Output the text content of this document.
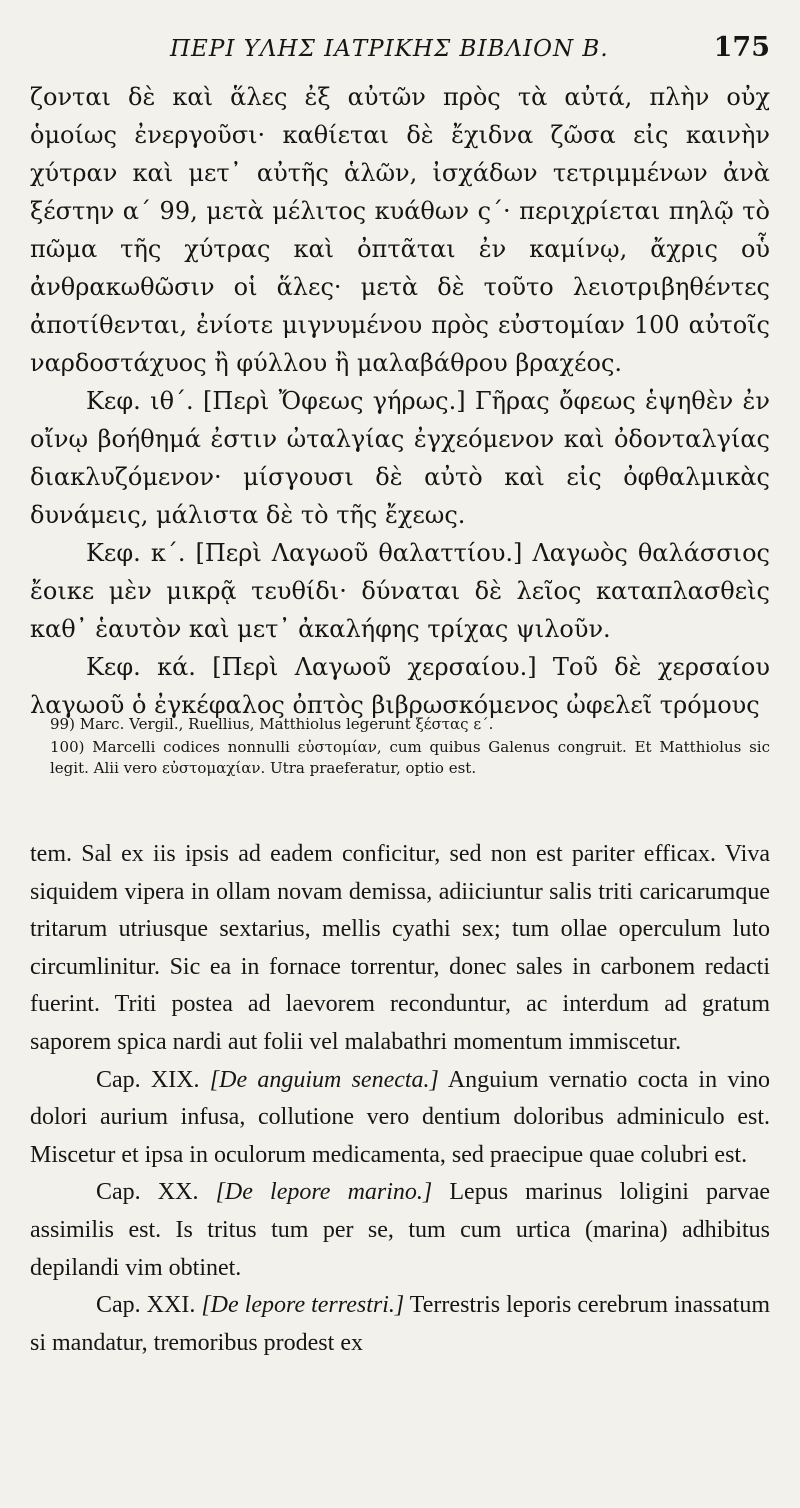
ΠΕΡΙ ΥΛΗΣ ΙΑΤΡΙΚΗΣ ΒΙΒΛΙΟΝ Β.	175

ζονται δὲ καὶ ἅλες ἐξ αὐτῶν πρὸς τὰ αὐτά, πλὴν οὐχ ὁμοίως ἐνεργοῦσι· καθίεται δὲ ἔχιδνα ζῶσα εἰς καινὴν χύτραν καὶ μετ᾽ αὐτῆς ἁλῶν, ἰσχάδων τετριμμένων ἀνὰ ξέστην α΄ 99, μετὰ μέλιτος κυάθων ς΄· περιχρίεται πηλῷ τὸ πῶμα τῆς χύτρας καὶ ὀπτᾶται ἐν καμίνῳ, ἄχρις οὗ ἀνθρακωθῶσιν οἱ ἅλες· μετὰ δὲ τοῦτο λειοτριβηθέντες ἀποτίθενται, ἐνίοτε μιγνυμένου πρὸς εὐστομίαν 100 αὐτοῖς ναρδοστάχυος ἢ φύλλου ἢ μαλαβάθρου βραχέος.

Κεφ. ιθ΄. [Περὶ Ὄφεως γήρως.] Γῆρας ὄφεως ἑψηθὲν ἐν οἴνῳ βοήθημά ἐστιν ὠταλγίας ἐγχεόμενον καὶ ὀδονταλγίας διακλυζόμενον· μίσγουσι δὲ αὐτὸ καὶ εἰς ὀφθαλμικὰς δυνάμεις, μάλιστα δὲ τὸ τῆς ἔχεως.

Κεφ. κ΄. [Περὶ Λαγωοῦ θαλαττίου.] Λαγωὸς θαλάσσιος ἔοικε μὲν μικρᾷ τευθίδι· δύναται δὲ λεῖος καταπλασθεὶς καθ᾽ ἑαυτὸν καὶ μετ᾽ ἀκαλήφης τρίχας ψιλοῦν.

Κεφ. κά. [Περὶ Λαγωοῦ χερσαίου.] Τοῦ δὲ χερσαίου λαγωοῦ ὁ ἐγκέφαλος ὀπτὸς βιβρωσκόμενος ὠφελεῖ τρόμους

99) Marc. Vergil., Ruellius, Matthiolus legerunt ξέστας ε΄.

100) Marcelli codices nonnulli εὐστομίαν, cum quibus Galenus congruit. Et Matthiolus sic legit. Alii vero εὐστομαχίαν. Utra praeferatur, optio est.

tem. Sal ex iis ipsis ad eadem conficitur, sed non est pariter efficax. Viva siquidem vipera in ollam novam demissa, adiiciuntur salis triti caricarumque tritarum utriusque sextarius, mellis cyathi sex; tum ollae operculum luto circumlinitur. Sic ea in fornace torrentur, donec sales in carbonem redacti fuerint. Triti postea ad laevorem reconduntur, ac interdum ad gratum saporem spica nardi aut folii vel malabathri momentum immiscetur.

Cap. XIX. [De anguium senecta.] Anguium vernatio cocta in vino dolori aurium infusa, collutione vero dentium doloribus adminiculo est. Miscetur et ipsa in oculorum medicamenta, sed praecipue quae colubri est.

Cap. XX. [De lepore marino.] Lepus marinus loligini parvae assimilis est. Is tritus tum per se, tum cum urtica (marina) adhibitus depilandi vim obtinet.

Cap. XXI. [De lepore terrestri.] Terrestris leporis cerebrum inassatum si mandatur, tremoribus prodest ex
